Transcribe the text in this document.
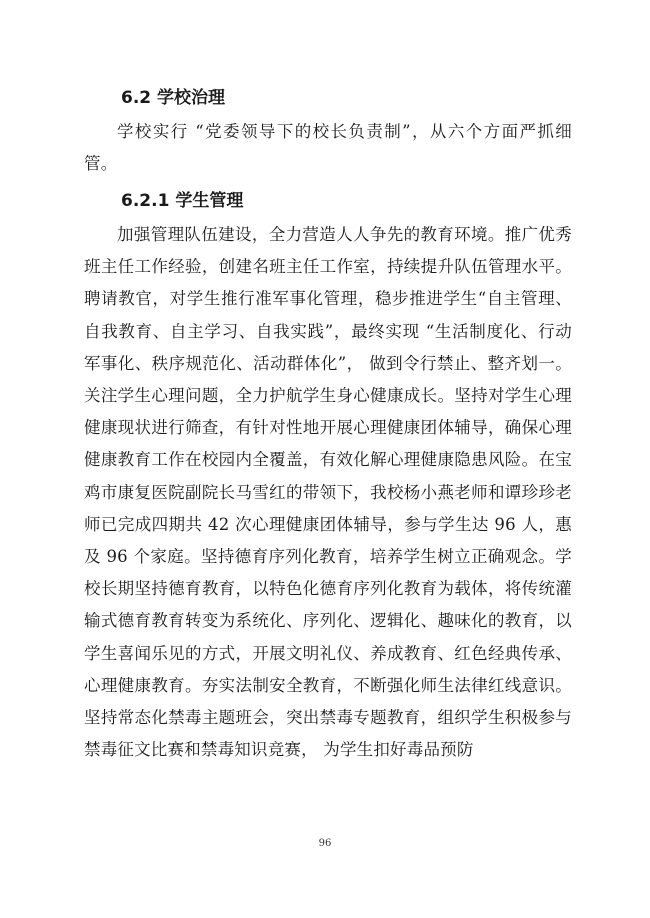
6.2 学校治理
学校实行 “党委领导下的校长负责制”，从六个方面严抓细管。
6.2.1 学生管理
加强管理队伍建设，全力营造人人争先的教育环境。推广优秀班主任工作经验，创建名班主任工作室，持续提升队伍管理水平。聘请教官，对学生推行准军事化管理，稳步推进学生“自主管理、自我教育、自主学习、自我实践”，最终实现 “生活制度化、行动军事化、秩序规范化、活动群体化”， 做到令行禁止、整齐划一。关注学生心理问题，全力护航学生身心健康成长。坚持对学生心理健康现状进行筛查，有针对性地开展心理健康团体辅导，确保心理健康教育工作在校园内全覆盖，有效化解心理健康隐患风险。在宝鸡市康复医院副院长马雪红的带领下，我校杨小燕老师和谭珍珍老师已完成四期共 42 次心理健康团体辅导，参与学生达 96 人，惠及 96 个家庭。坚持德育序列化教育，培养学生树立正确观念。学校长期坚持德育教育，以特色化德育序列化教育为载体，将传统灌输式德育教育转变为系统化、序列化、逻辑化、趣味化的教育，以学生喜闻乐见的方式，开展文明礼仪、养成教育、红色经典传承、心理健康教育。夯实法制安全教育，不断强化师生法律红线意识。坚持常态化禁毒主题班会，突出禁毒专题教育，组织学生积极参与禁毒征文比赛和禁毒知识竞赛， 为学生扣好毒品预防
96
